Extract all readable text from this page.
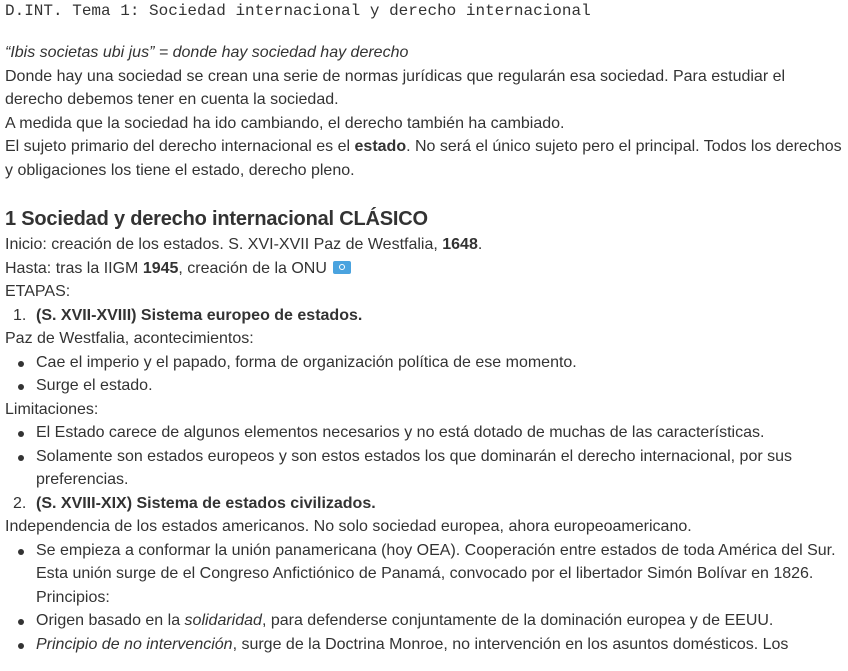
D.INT. Tema 1: Sociedad internacional y derecho internacional

“Ibis societas ubi jus” = donde hay sociedad hay derecho

Donde hay una sociedad se crean una serie de normas jurídicas que regularán esa sociedad. Para estudiar el derecho debemos tener en cuenta la sociedad.

A medida que la sociedad ha ido cambiando, el derecho también ha cambiado.

El sujeto primario del derecho internacional es el estado. No será el único sujeto pero el principal. Todos los derechos y obligaciones los tiene el estado, derecho pleno.

1 Sociedad y derecho internacional CLÁSICO

Inicio: creación de los estados. S. XVI-XVII Paz de Westfalia, 1648.

Hasta: tras la IIGM 1945, creación de la ONU

ETAPAS:

1. (S. XVII-XVIII) Sistema europeo de estados.

Paz de Westfalia, acontecimientos:

Cae el imperio y el papado, forma de organización política de ese momento.
Surge el estado.

Limitaciones:

El Estado carece de algunos elementos necesarios y no está dotado de muchas de las características.
Solamente son estados europeos y son estos estados los que dominarán el derecho internacional, por sus preferencias.
2. (S. XVIII-XIX) Sistema de estados civilizados.

Independencia de los estados americanos. No solo sociedad europea, ahora europeoamericano.

Se empieza a conformar la unión panamericana (hoy OEA). Cooperación entre estados de toda América del Sur. Esta unión surge de el Congreso Anfictiónico de Panamá, convocado por el libertador Simón Bolívar en 1826. Principios:
Origen basado en la solidaridad, para defenderse conjuntamente de la dominación europea y de EEUU.
Principio de no intervención, surge de la Doctrina Monroe, no intervención en los asuntos domésticos. Los
